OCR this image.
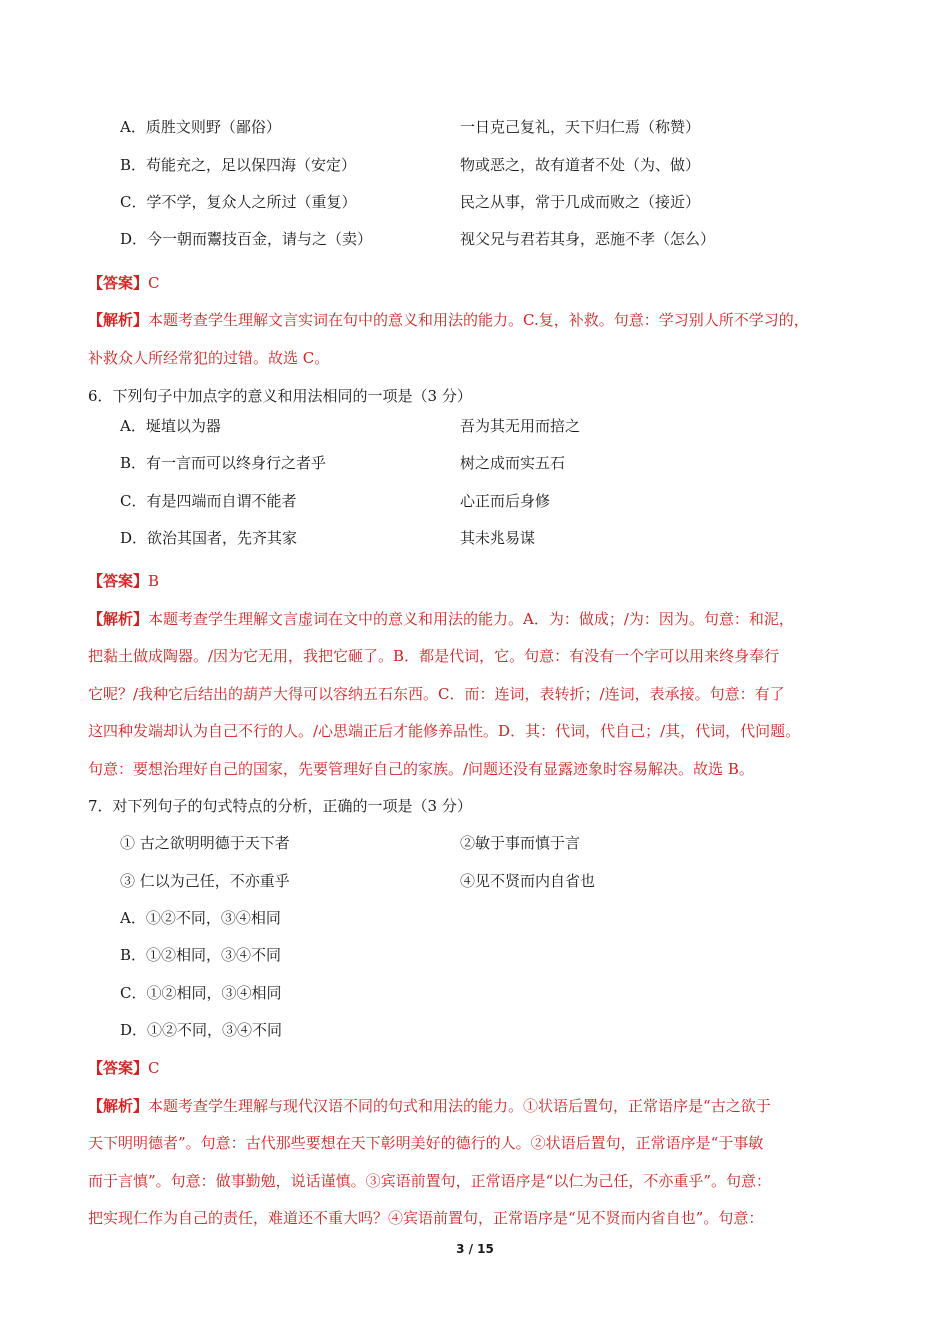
A．质胜文则野（鄙俗）	一日克己复礼，天下归仁焉（称赞）
B．苟能充之，足以保四海（安定）	物或恶之，故有道者不处（为、做）
C．学不学，复众人之所过（重复）	民之从事，常于几成而败之（接近）
D．今一朝而鬻技百金，请与之（卖）	视父兄与君若其身，恶施不孝（怎么）
【答案】C
【解析】本题考查学生理解文言实词在句中的意义和用法的能力。C.复，补救。句意：学习别人所不学习的，
补救众人所经常犯的过错。故选 C。
6．下列句子中加点字的意义和用法相同的一项是（3 分）
A．埏埴以为器	吾为其无用而掊之
B．有一言而可以终身行之者乎	树之成而实五石
C．有是四端而自谓不能者	心正而后身修
D．欲治其国者，先齐其家	其未兆易谋
【答案】B
【解析】本题考查学生理解文言虚词在文中的意义和用法的能力。A．为：做成；/为：因为。句意：和泥，
把黏土做成陶器。/因为它无用，我把它砸了。B．都是代词，它。句意：有没有一个字可以用来终身奉行
它呢？/我种它后结出的葫芦大得可以容纳五石东西。C．而：连词，表转折；/连词，表承接。句意：有了
这四种发端却认为自己不行的人。/心思端正后才能修养品性。D．其：代词，代自己；/其，代词，代问题。
句意：要想治理好自己的国家，先要管理好自己的家族。/问题还没有显露迹象时容易解决。故选 B。
7．对下列句子的句式特点的分析，正确的一项是（3 分）
① 古之欲明明德于天下者	②敏于事而慎于言
③ 仁以为己任，不亦重乎	④见不贤而内自省也
A．①②不同，③④相同
B．①②相同，③④不同
C．①②相同，③④相同
D．①②不同，③④不同
【答案】C
【解析】本题考查学生理解与现代汉语不同的句式和用法的能力。①状语后置句，正常语序是“古之欲于
天下明明德者”。句意：古代那些要想在天下彰明美好的德行的人。②状语后置句，正常语序是“于事敏
而于言慎”。句意：做事勤勉，说话谨慎。③宾语前置句，正常语序是“以仁为己任，不亦重乎”。句意：
把实现仁作为自己的责任，难道还不重大吗？④宾语前置句，正常语序是“见不贤而内省自也”。句意：
3 / 15
